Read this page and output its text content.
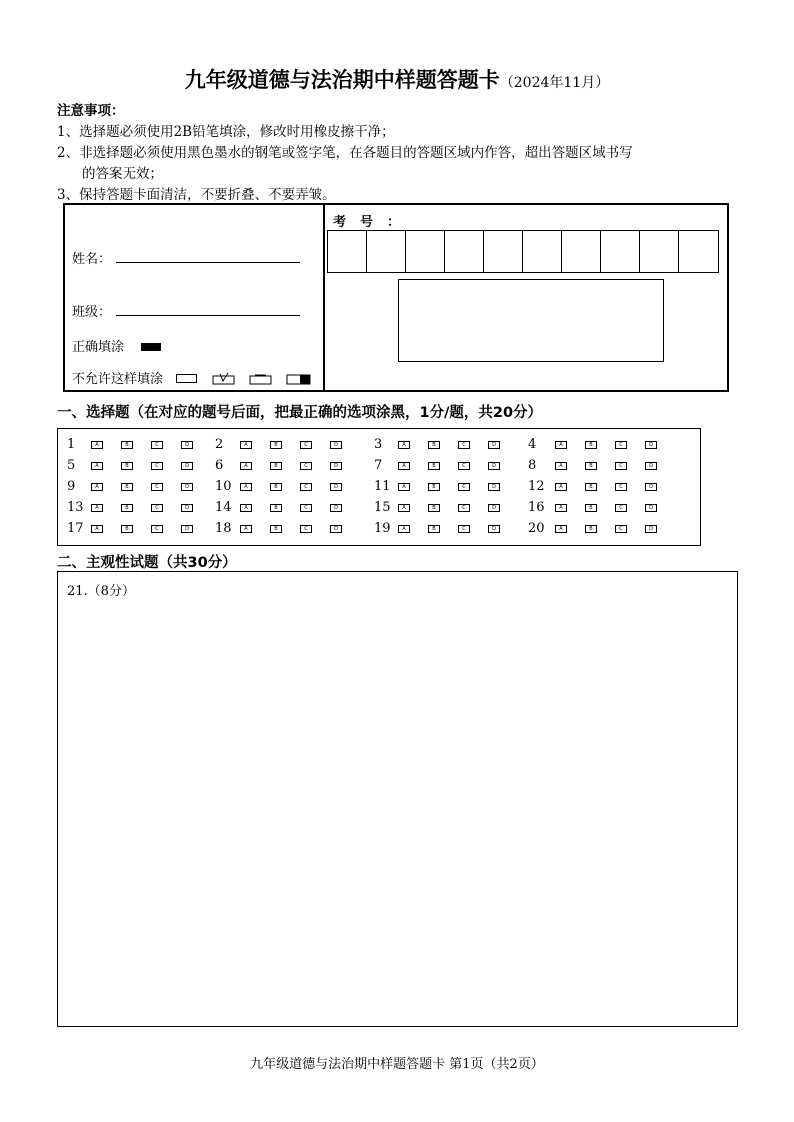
九年级道德与法治期中样题答题卡（2024年11月）
注意事项：
1、选择题必须使用2B铅笔填涂，修改时用橡皮擦干净；
2、非选择题必须使用黑色墨水的钢笔或签字笔，在各题目的答题区域内作答，超出答题区域书写
的答案无效；
3、保持答题卡面清洁，不要折叠、不要弄皱。
姓名：
班级：
正确填涂
不允许这样填涂
考号：
一、选择题（在对应的题号后面，把最正确的选项涂黑，1分/题，共20分）
1	A	B	C	D	2	A	B	C	D	3	A	B	C	D	4	A	B	C	D
5	A	B	C	D	6	A	B	C	D	7	A	B	C	D	8	A	B	C	D
9	A	B	C	D	10	A	B	C	D	11	A	B	C	D	12	A	B	C	D
13	A	B	C	D	14	A	B	C	D	15	A	B	C	D	16	A	B	C	D
17	A	B	C	D	18	A	B	C	D	19	A	B	C	D	20	A	B	C	D
二、主观性试题（共30分）
21.（8分）
九年级道德与法治期中样题答题卡 第1页（共2页）
